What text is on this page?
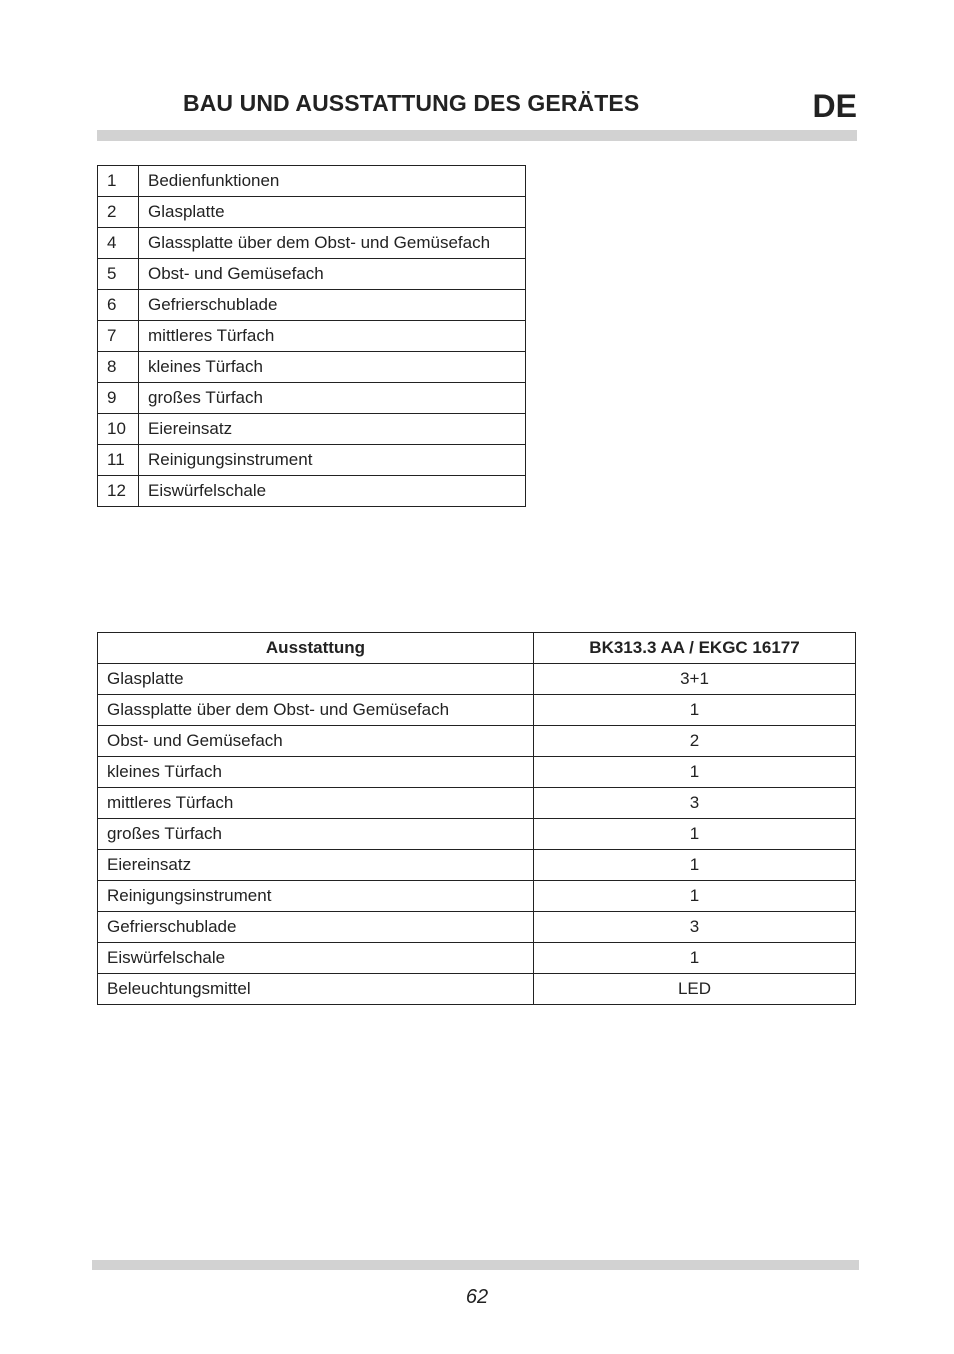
BAU UND AUSSTATTUNG DES GERÄTES	DE
1	Bedienfunktionen
2	Glasplatte
4	Glassplatte über dem Obst- und Gemüsefach
5	Obst- und Gemüsefach
6	Gefrierschublade
7	mittleres Türfach
8	kleines Türfach
9	großes Türfach
10	Eiereinsatz
11	Reinigungsinstrument
12	Eiswürfelschale
Ausstattung	BK313.3 AA / EKGC 16177
Glasplatte	3+1
Glassplatte über dem Obst- und Gemüsefach	1
Obst- und Gemüsefach	2
kleines Türfach	1
mittleres Türfach	3
großes Türfach	1
Eiereinsatz	1
Reinigungsinstrument	1
Gefrierschublade	3
Eiswürfelschale	1
Beleuchtungsmittel	LED
62
